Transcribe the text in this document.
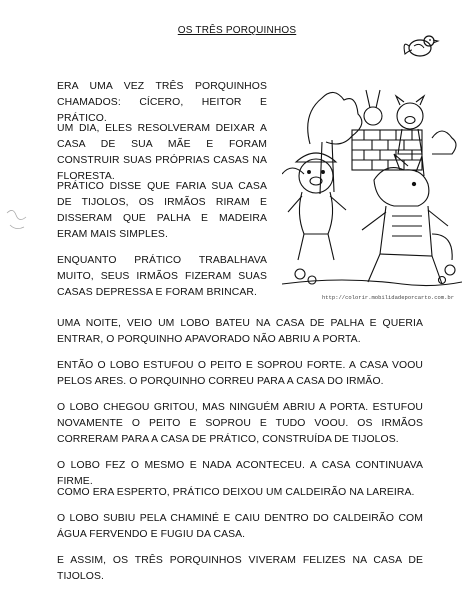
OS TRÊS PORQUINHOS
ERA UMA VEZ TRÊS PORQUINHOS CHAMADOS: CÍCERO, HEITOR E PRÁTICO.
UM DIA, ELES RESOLVERAM DEIXAR A CASA DE SUA MÃE E FORAM CONSTRUIR SUAS PRÓPRIAS CASAS NA FLORESTA.
PRÁTICO DISSE QUE FARIA SUA CASA DE TIJOLOS, OS IRMÃOS RIRAM E DISSERAM QUE PALHA E MADEIRA ERAM MAIS SIMPLES.
ENQUANTO PRÁTICO TRABALHAVA MUITO, SEUS IRMÃOS FIZERAM SUAS CASAS DEPRESSA E FORAM BRINCAR.
UMA NOITE, VEIO UM LOBO BATEU NA CASA DE PALHA E QUERIA ENTRAR, O PORQUINHO APAVORADO NÃO ABRIU A PORTA.
ENTÃO O LOBO ESTUFOU O PEITO E SOPROU FORTE. A CASA VOOU PELOS ARES. O PORQUINHO CORREU PARA A CASA DO IRMÃO.
O LOBO CHEGOU GRITOU, MAS NINGUÉM ABRIU A PORTA. ESTUFOU NOVAMENTE O PEITO E SOPROU E TUDO VOOU. OS IRMÃOS CORRERAM PARA A CASA DE PRÁTICO, CONSTRUÍDA DE TIJOLOS.
O LOBO FEZ O MESMO E NADA ACONTECEU. A CASA CONTINUAVA FIRME.
COMO ERA ESPERTO, PRÁTICO DEIXOU UM CALDEIRÃO NA LAREIRA.
O LOBO SUBIU PELA CHAMINÉ E CAIU DENTRO DO CALDEIRÃO COM ÁGUA FERVENDO E FUGIU DA CASA.
E ASSIM, OS TRÊS PORQUINHOS VIVERAM FELIZES NA CASA DE TIJOLOS.
http://colorir.mobilidadeporcarto.com.br
